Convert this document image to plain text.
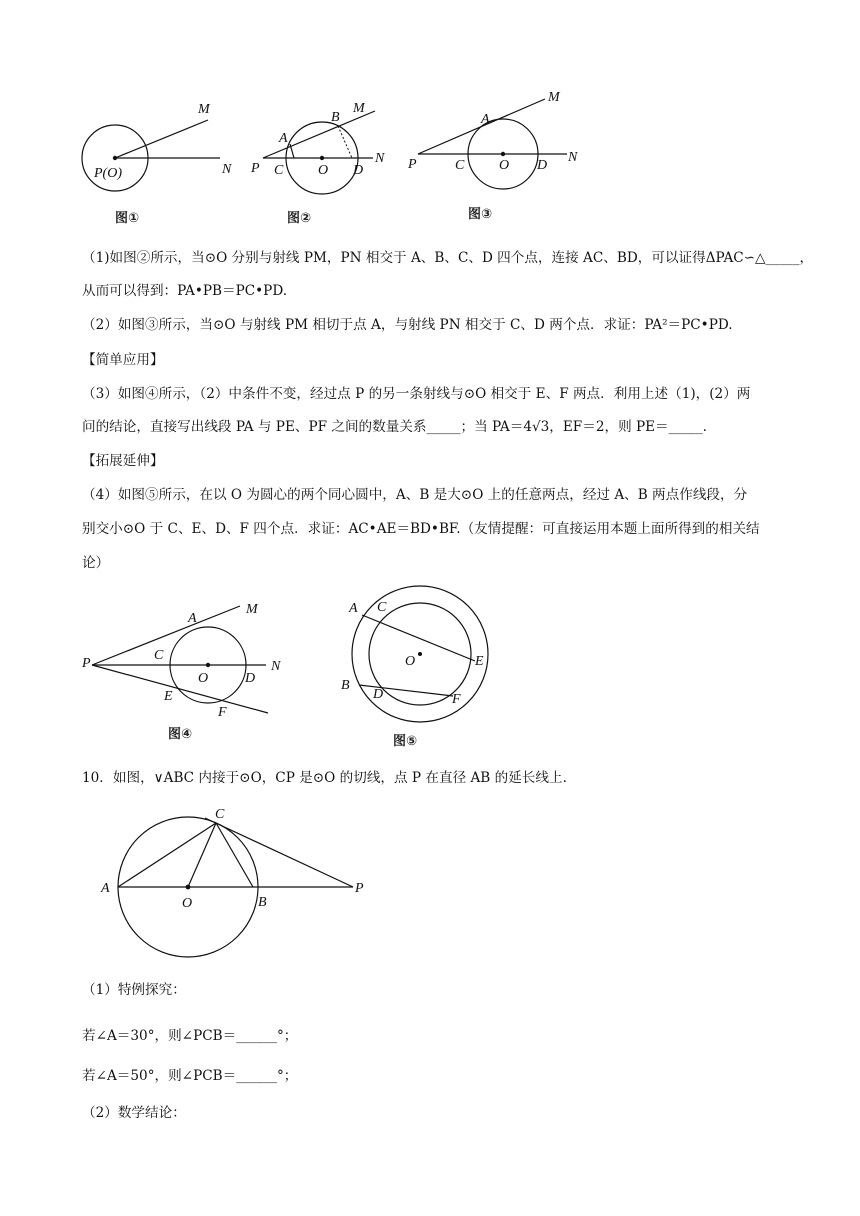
M
N
P(O)
图①
A
B
M
P C O D
N
图②
A
M
P	C O D
N
图③
（1)如图②所示，当⊙O 分别与射线 PM，PN 相交于 A、B、C、D 四个点，连接 AC、BD，可以证得ΔPAC∽△_____，
从而可以得到：PA•PB＝PC•PD.
（2）如图③所示，当⊙O 与射线 PM 相切于点 A，与射线 PN 相交于 C、D 两个点．求证：PA²＝PC•PD.
【简单应用】
（3）如图④所示，（2）中条件不变，经过点 P 的另一条射线与⊙O 相交于 E、F 两点．利用上述（1)，(2）两
问的结论，直接写出线段 PA 与 PE、PF 之间的数量关系_____；当 PA＝4√3，EF＝2，则 PE＝_____.
【拓展延伸】
（4）如图⑤所示，在以 O 为圆心的两个同心圆中，A、B 是大⊙O 上的任意两点，经过 A、B 两点作线段，分
别交小⊙O 于 C、E、D、F 四个点．求证：AC•AE＝BD•BF.（友情提醒：可直接运用本题上面所得到的相关结
论）
A
M
P
C
O	D
N
E
F
图④
A C
O	E
B
D	F
图⑤
10．如图，∨ABC 内接于⊙O，CP 是⊙O 的切线，点 P 在直径 AB 的延长线上.
C
A
O	B
P
（1）特例探究：
若∠A＝30°，则∠PCB＝______°；
若∠A＝50°，则∠PCB＝______°；
（2）数学结论：
